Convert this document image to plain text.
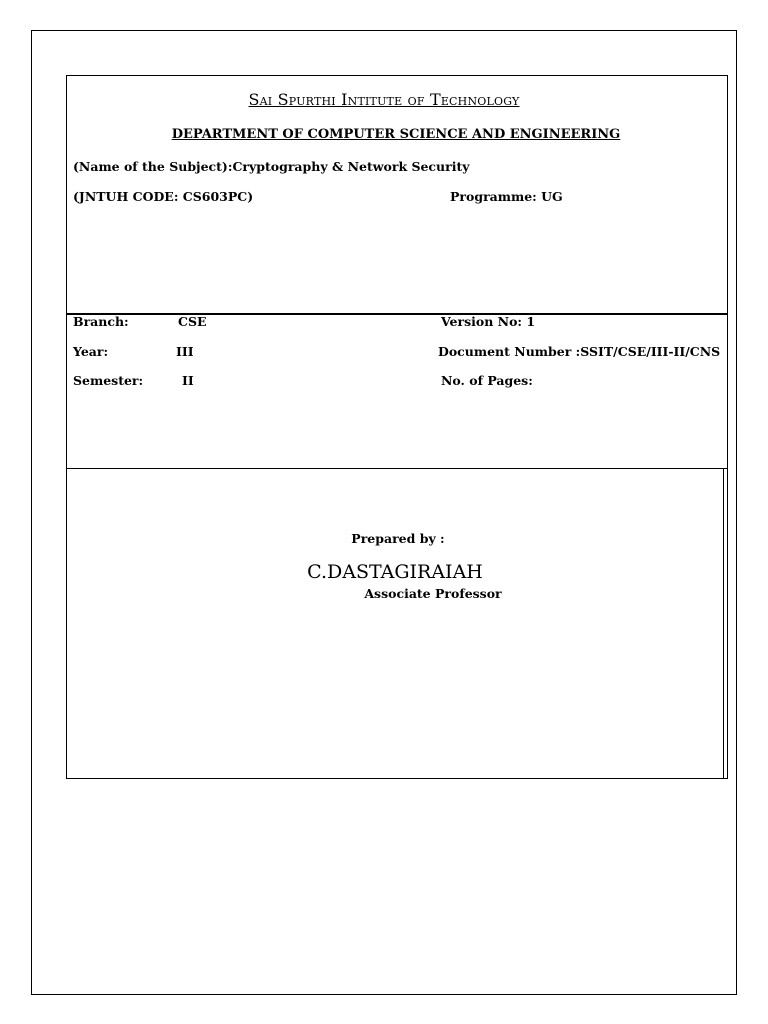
Sai Spurthi Intitute of Technology
DEPARTMENT OF COMPUTER SCIENCE AND ENGINEERING
(Name of the Subject):Cryptography & Network Security
(JNTUH CODE: CS603PC)	Programme: UG
Branch:	CSE	Version No: 1
Year:	III	Document Number :SSIT/CSE/III-II/CNS
Semester:	II	No. of Pages:
Prepared by :
C.DASTAGIRAIAH
Associate Professor
